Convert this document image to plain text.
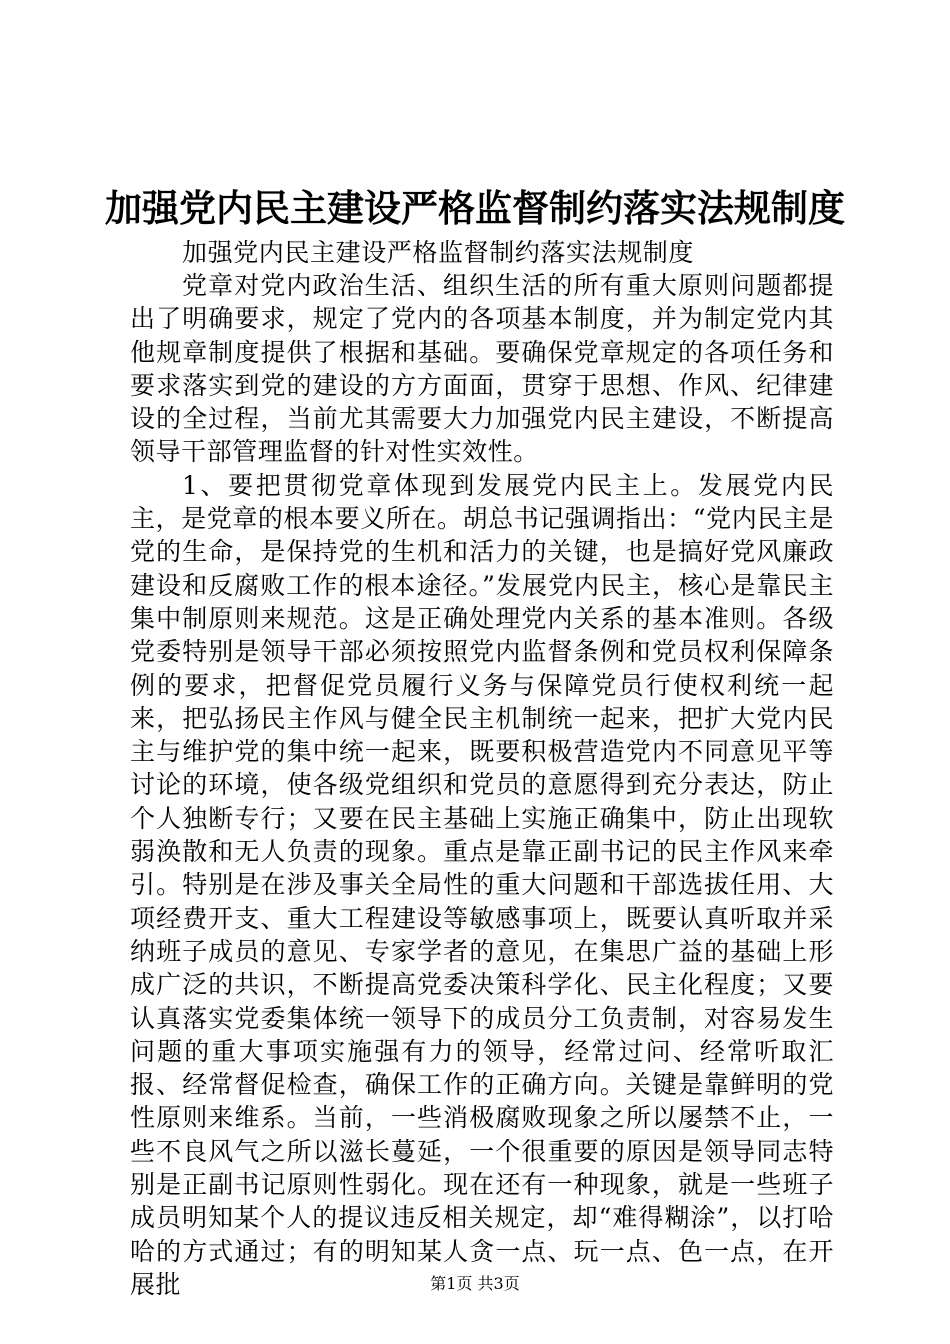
加强党内民主建设严格监督制约落实法规制度
加强党内民主建设严格监督制约落实法规制度

党章对党内政治生活、组织生活的所有重大原则问题都提出了明确要求，规定了党内的各项基本制度，并为制定党内其他规章制度提供了根据和基础。要确保党章规定的各项任务和要求落实到党的建设的方方面面，贯穿于思想、作风、纪律建设的全过程，当前尤其需要大力加强党内民主建设，不断提高领导干部管理监督的针对性实效性。

1、要把贯彻党章体现到发展党内民主上。发展党内民主，是党章的根本要义所在。胡总书记强调指出：“党内民主是党的生命，是保持党的生机和活力的关键，也是搞好党风廉政建设和反腐败工作的根本途径。”发展党内民主，核心是靠民主集中制原则来规范。这是正确处理党内关系的基本准则。各级党委特别是领导干部必须按照党内监督条例和党员权利保障条例的要求，把督促党员履行义务与保障党员行使权利统一起来，把弘扬民主作风与健全民主机制统一起来，把扩大党内民主与维护党的集中统一起来，既要积极营造党内不同意见平等讨论的环境，使各级党组织和党员的意愿得到充分表达，防止个人独断专行；又要在民主基础上实施正确集中，防止出现软弱涣散和无人负责的现象。重点是靠正副书记的民主作风来牵引。特别是在涉及事关全局性的重大问题和干部选拔任用、大项经费开支、重大工程建设等敏感事项上，既要认真听取并采纳班子成员的意见、专家学者的意见，在集思广益的基础上形成广泛的共识，不断提高党委决策科学化、民主化程度；又要认真落实党委集体统一领导下的成员分工负责制，对容易发生问题的重大事项实施强有力的领导，经常过问、经常听取汇报、经常督促检查，确保工作的正确方向。关键是靠鲜明的党性原则来维系。当前，一些消极腐败现象之所以屡禁不止，一些不良风气之所以滋长蔓延，一个很重要的原因是领导同志特别是正副书记原则性弱化。现在还有一种现象，就是一些班子成员明知某个人的提议违反相关规定，却“难得糊涂”，以打哈哈的方式通过；有的明知某人贪一点、玩一点、色一点，在开展批	第1页 共3页
